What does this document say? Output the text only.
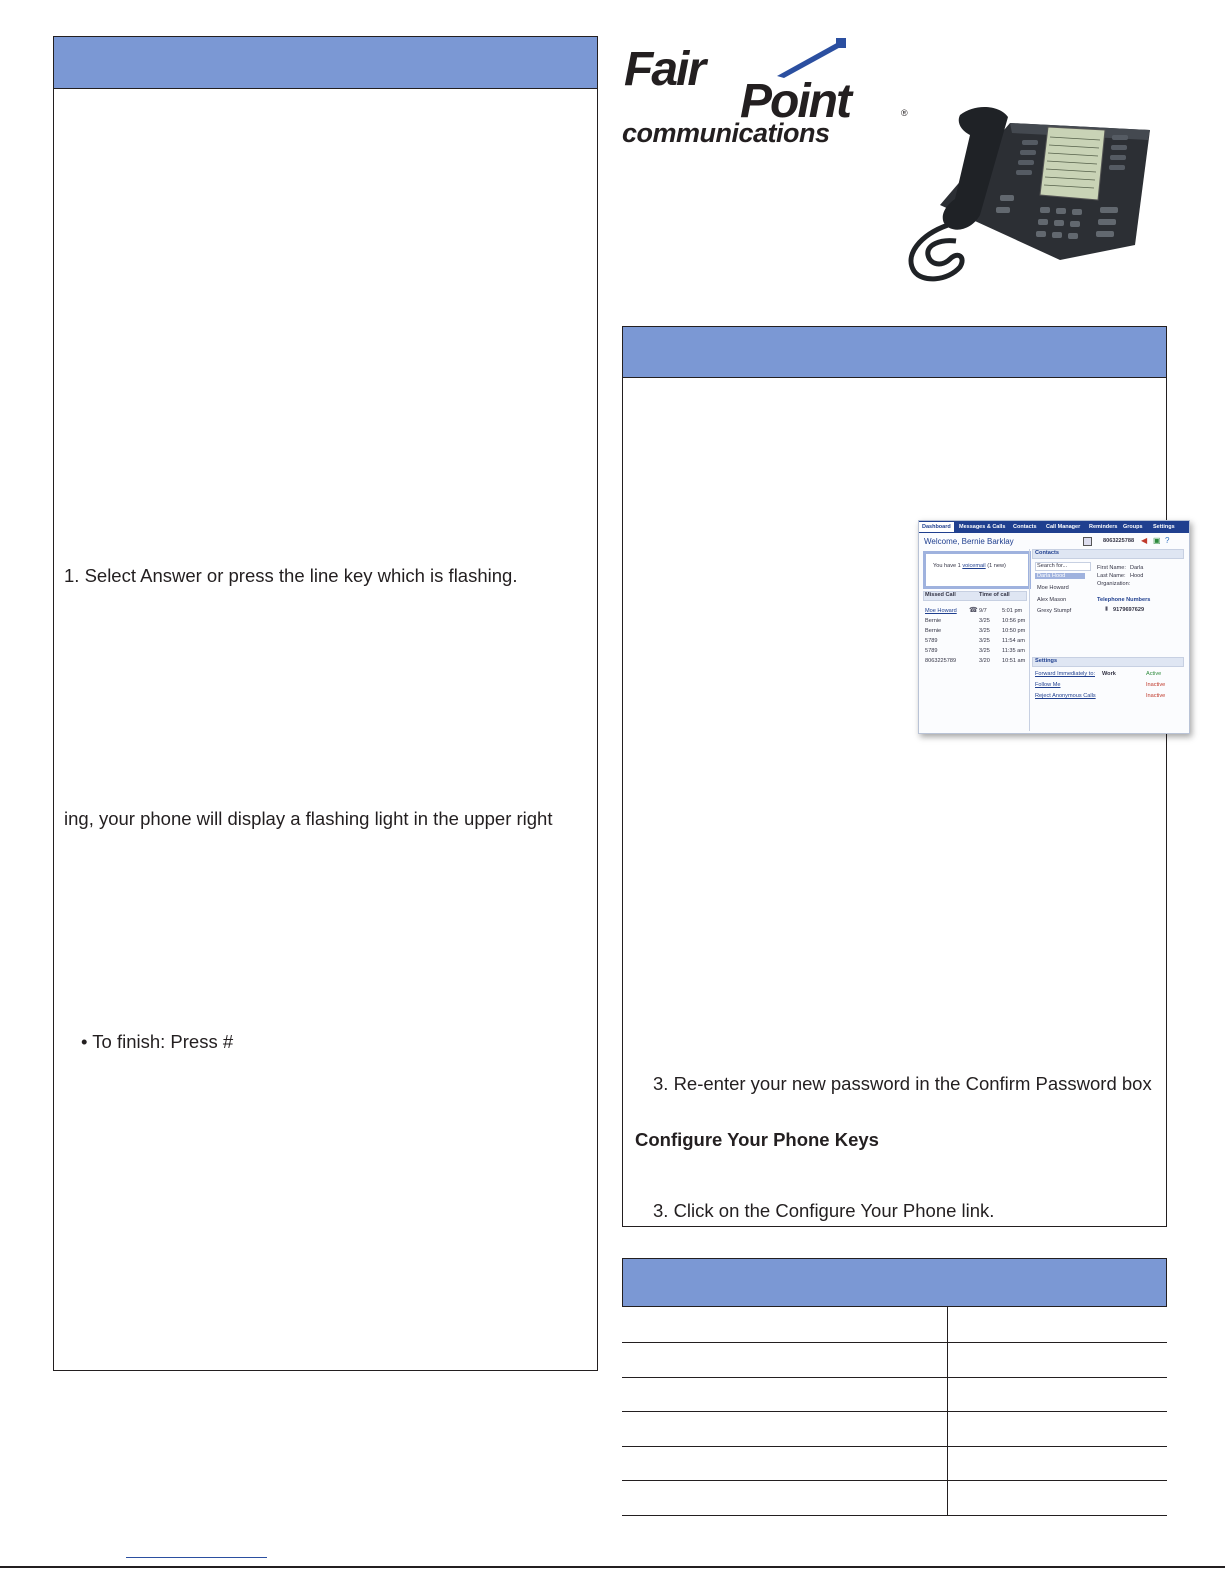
1. Select Answer or press the line key which is flashing.
ing, your phone will display a flashing light in the upper right
• To finish: Press #
Fair
Point	®
communications
3. Re-enter your new password in the Confirm Password box
Configure Your Phone Keys
3. Click on the Configure Your Phone link.
Dashboard	Messages & Calls Contacts Call Manager Reminders Groups Settings
Welcome, Bernie Barklay	8063225788 ◀ ▣ ?
You have 1 voicemail (1 new)
Missed Call	Time of call
Moe Howard	9/7	5:01 pm
Bernie	3/25 10:56 pm
Bernie	3/25 10:50 pm
5789	3/25 11:54 am
5789	3/25 11:35 am
8063225789	3/20 10:51 am
☎
Contacts
Search for...
Darla Hood
Moe Howard
Alex Mason
Grexy Stumpf
First Name: Darla
Last Name: Hood
Organization:
Telephone Numbers
▮ 9179697629
Settings
Forward Immediately to: Work	Active
Follow Me	Inactive
Reject Anonymous Calls	Inactive
